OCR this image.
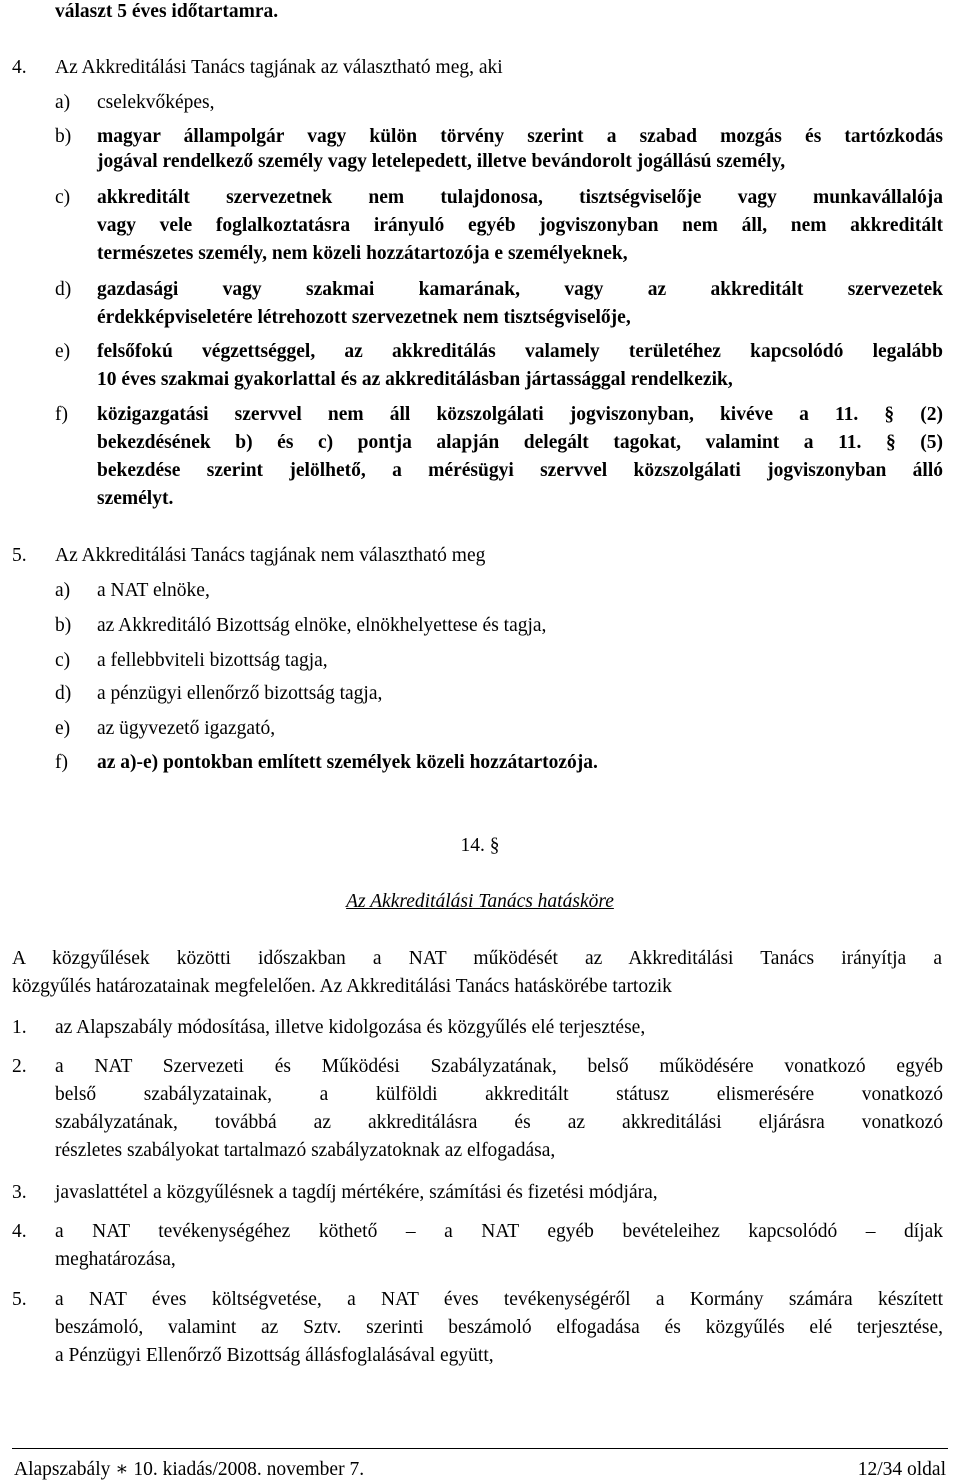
választ 5 éves időtartamra.
4. Az Akkreditálási Tanács tagjának az választható meg, aki
a) cselekvőképes,
b) magyar állampolgár vagy külön törvény szerint a szabad mozgás és tartózkodás
jogával rendelkező személy vagy letelepedett, illetve bevándorolt jogállású személy,
c) akkreditált szervezetnek nem tulajdonosa, tisztségviselője vagy munkavállalója
vagy vele foglalkoztatásra irányuló egyéb jogviszonyban nem áll, nem akkreditált
természetes személy, nem közeli hozzátartozója e személyeknek,
d) gazdasági vagy szakmai kamarának, vagy az akkreditált szervezetek
érdekképviseletére létrehozott szervezetnek nem tisztségviselője,
e) felsőfokú végzettséggel, az akkreditálás valamely területéhez kapcsolódó legalább
10 éves szakmai gyakorlattal és az akkreditálásban jártassággal rendelkezik,
f) közigazgatási szervvel nem áll közszolgálati jogviszonyban, kivéve a 11. § (2)
bekezdésének b) és c) pontja alapján delegált tagokat, valamint a 11. § (5)
bekezdése szerint jelölhető, a mérésügyi szervvel közszolgálati jogviszonyban álló
személyt.
5. Az Akkreditálási Tanács tagjának nem választható meg
a) a NAT elnöke,
b) az Akkreditáló Bizottság elnöke, elnökhelyettese és tagja,
c) a fellebbviteli bizottság tagja,
d) a pénzügyi ellenőrző bizottság tagja,
e) az ügyvezető igazgató,
f) az a)-e) pontokban említett személyek közeli hozzátartozója.
14. §
Az Akkreditálási Tanács hatásköre
A közgyűlések közötti időszakban a NAT működését az Akkreditálási Tanács irányítja a
közgyűlés határozatainak megfelelően. Az Akkreditálási Tanács hatáskörébe tartozik
1. az Alapszabály módosítása, illetve kidolgozása és közgyűlés elé terjesztése,
2. a NAT Szervezeti és Működési Szabályzatának, belső működésére vonatkozó egyéb
belső szabályzatainak, a külföldi akkreditált státusz elismerésére vonatkozó
szabályzatának, továbbá az akkreditálásra és az akkreditálási eljárásra vonatkozó
részletes szabályokat tartalmazó szabályzatoknak az elfogadása,
3. javaslattétel a közgyűlésnek a tagdíj mértékére, számítási és fizetési módjára,
4. a NAT tevékenységéhez köthető – a NAT egyéb bevételeihez kapcsolódó – díjak
meghatározása,
5. a NAT éves költségvetése, a NAT éves tevékenységéről a Kormány számára készített
beszámoló, valamint az Sztv. szerinti beszámoló elfogadása és közgyűlés elé terjesztése,
a Pénzügyi Ellenőrző Bizottság állásfoglalásával együtt,
Alapszabály ∗ 10. kiadás/2008. november 7.	12/34 oldal
